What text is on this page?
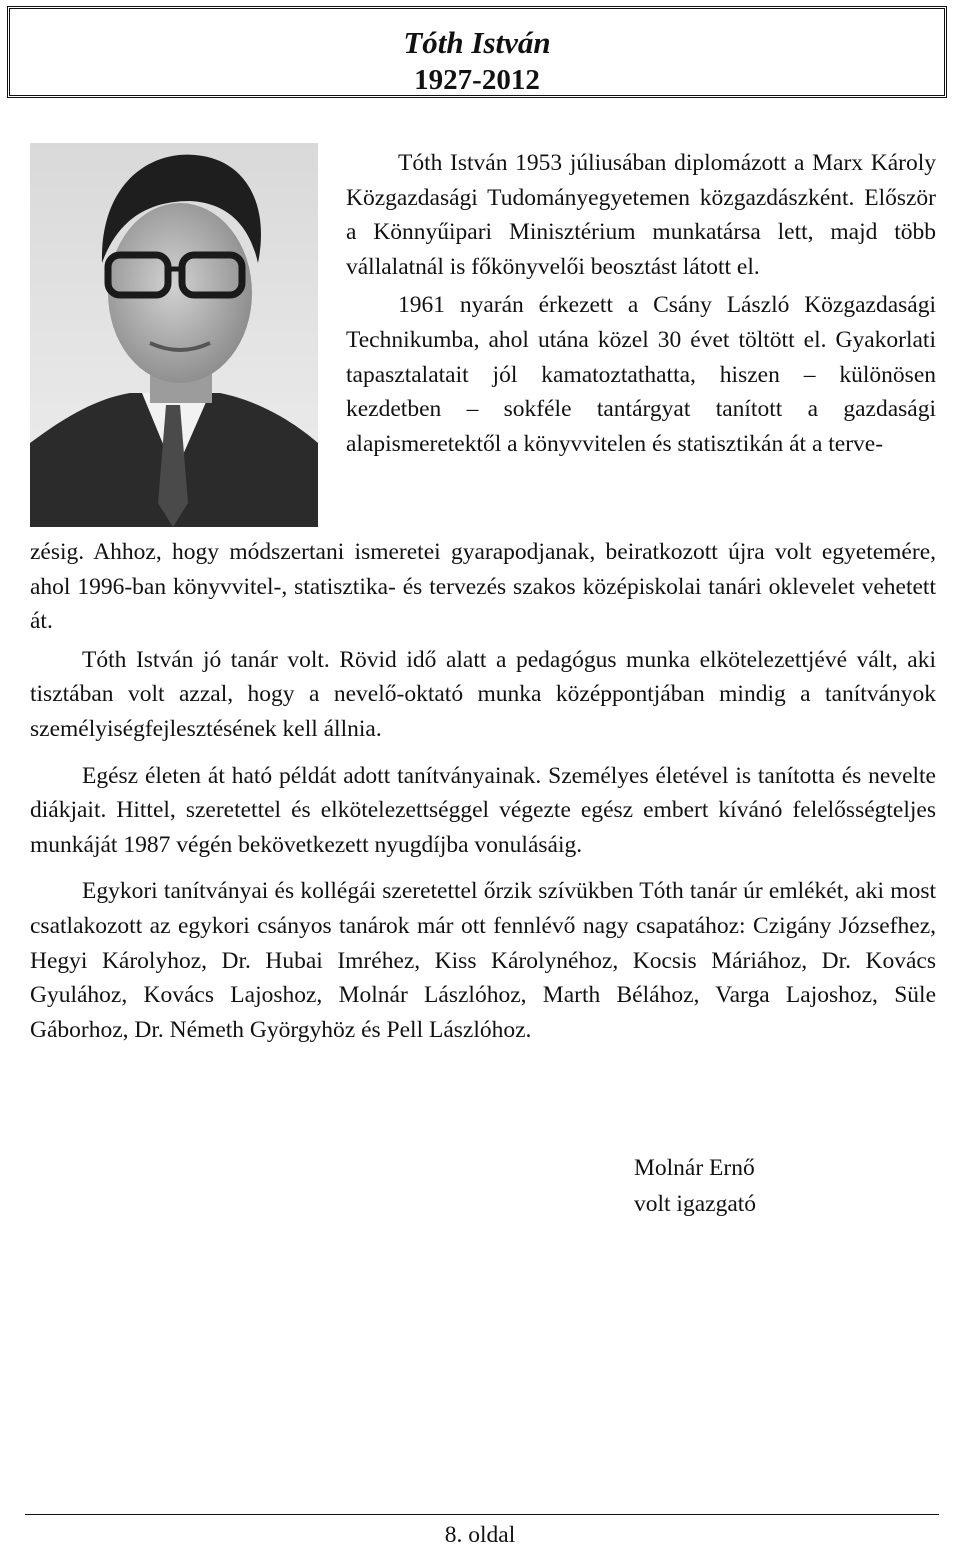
Tóth István
1927-2012

Tóth István 1953 júliusában diplomázott a Marx Károly Közgazdasági Tudományegyetemen közgazdászként. Először a Könnyűipari Minisztérium munkatársa lett, majd több vállalatnál is főkönyvelői beosztást látott el.

1961 nyarán érkezett a Csány László Közgazdasági Technikumba, ahol utána közel 30 évet töltött el. Gyakorlati tapasztalatait jól kamatoztathatta, hiszen – különösen kezdetben – sokféle tantárgyat tanított a gazdasági alapismeretektől a könyvvitelen és statisztikán át a terve-

zésig. Ahhoz, hogy módszertani ismeretei gyarapodjanak, beiratkozott újra volt egyetemére, ahol 1996-ban könyvvitel-, statisztika- és tervezés szakos középiskolai tanári oklevelet vehetett át.

Tóth István jó tanár volt. Rövid idő alatt a pedagógus munka elkötelezettjévé vált, aki tisztában volt azzal, hogy a nevelő-oktató munka középpontjában mindig a tanítványok személyiségfejlesztésének kell állnia.

Egész életen át ható példát adott tanítványainak. Személyes életével is tanította és nevelte diákjait. Hittel, szeretettel és elkötelezettséggel végezte egész embert kívánó felelősségteljes munkáját 1987 végén bekövetkezett nyugdíjba vonulásáig.

Egykori tanítványai és kollégái szeretettel őrzik szívükben Tóth tanár úr emlékét, aki most csatlakozott az egykori csányos tanárok már ott fennlévő nagy csapatához: Czigány Józsefhez, Hegyi Károlyhoz, Dr. Hubai Imréhez, Kiss Károlynéhoz, Kocsis Máriához, Dr. Kovács Gyulához, Kovács Lajoshoz, Molnár Lászlóhoz, Marth Bélához, Varga Lajoshoz, Süle Gáborhoz, Dr. Németh Györgyhöz és Pell Lászlóhoz.

Molnár Ernő
volt igazgató
8. oldal
